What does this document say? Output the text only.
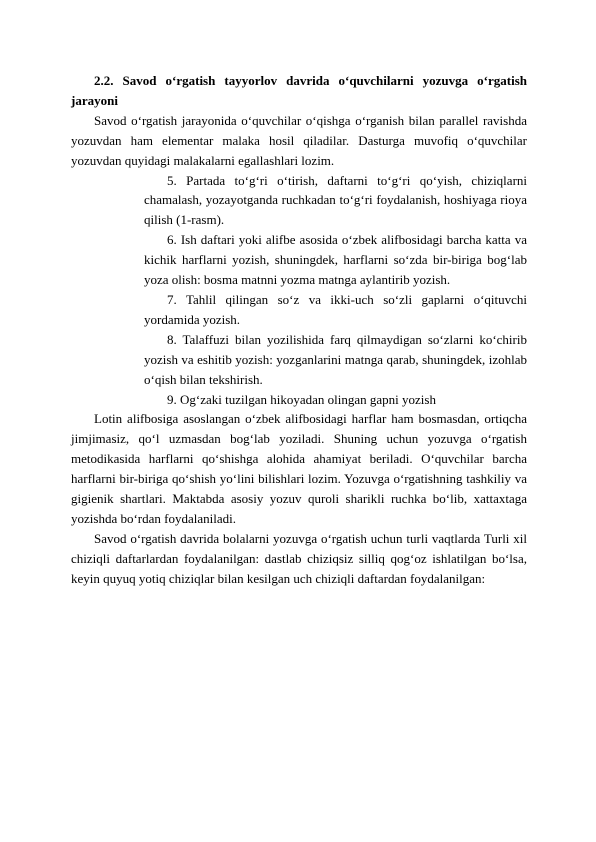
2.2. Savod o‘rgatish tayyorlov davrida o‘quvchilarni yozuvga o‘rgatish jarayoni

Savod o‘rgatish jarayonida o‘quvchilar o‘qishga o‘rganish bilan parallel ravishda yozuvdan ham elementar malaka hosil qiladilar. Dasturga muvofiq o‘quvchilar yozuvdan quyidagi malakalarni egallashlari lozim.

5. Partada to‘g‘ri o‘tirish, daftarni to‘g‘ri qo‘yish, chiziqlarni chamalash, yozayotganda ruchkadan to‘g‘ri foydalanish, hoshiyaga rioya qilish (1-rasm).

6. Ish daftari yoki alifbe asosida o‘zbek alifbosidagi barcha katta va kichik harflarni yozish, shuningdek, harflarni so‘zda bir-biriga bog‘lab yoza olish: bosma matnni yozma matnga aylantirib yozish.

7. Tahlil qilingan so‘z va ikki-uch so‘zli gaplarni o‘qituvchi yordamida yozish.

8. Talaffuzi bilan yozilishida farq qilmaydigan so‘zlarni ko‘chirib yozish va eshitib yozish: yozganlarini matnga qarab, shuningdek, izohlab o‘qish bilan tekshirish.

9. Og‘zaki tuzilgan hikoyadan olingan gapni yozish

Lotin alifbosiga asoslangan o‘zbek alifbosidagi harflar ham bosmasdan, ortiqcha jimjimasiz, qo‘l uzmasdan bog‘lab yoziladi. Shuning uchun yozuvga o‘rgatish metodikasida harflarni qo‘shishga alohida ahamiyat beriladi. O‘quvchilar barcha harflarni bir-biriga qo‘shish yo‘lini bilishlari lozim. Yozuvga o‘rgatishning tashkiliy va gigienik shartlari. Maktabda asosiy yozuv quroli sharikli ruchka bo‘lib, xattaxtaga yozishda bo‘rdan foydalaniladi.

Savod o‘rgatish davrida bolalarni yozuvga o‘rgatish uchun turli vaqtlarda Turli xil chiziqli daftarlardan foydalanilgan: dastlab chiziqsiz silliq qog‘oz ishlatilgan bo‘lsa, keyin quyuq yotiq chiziqlar bilan kesilgan uch chiziqli daftardan foydalanilgan:
